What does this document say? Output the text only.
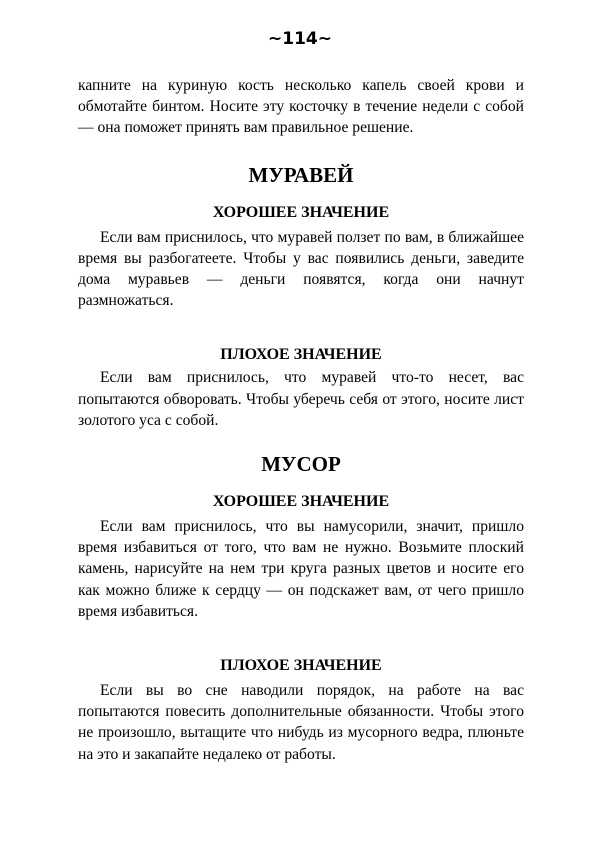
~114~

капните на куриную кость несколько капель своей крови и обмотайте бинтом. Носите эту косточку в течение недели с собой — она поможет принять вам правильное решение.

МУРАВЕЙ
ХОРОШЕЕ ЗНАЧЕНИЕ

Если вам приснилось, что муравей ползет по вам, в ближайшее время вы разбогатеете. Чтобы у вас появились деньги, заведите дома муравьев — деньги появятся, когда они начнут размножаться.

ПЛОХОЕ ЗНАЧЕНИЕ

Если вам приснилось, что муравей что-то несет, вас попытаются обворовать. Чтобы уберечь себя от этого, носите лист золотого уса с собой.

МУСОР
ХОРОШЕЕ ЗНАЧЕНИЕ

Если вам приснилось, что вы намусорили, значит, пришло время избавиться от того, что вам не нужно. Возьмите плоский камень, нарисуйте на нем три круга разных цветов и носите его как можно ближе к сердцу — он подскажет вам, от чего пришло время избавиться.

ПЛОХОЕ ЗНАЧЕНИЕ

Если вы во сне наводили порядок, на работе на вас попытаются повесить дополнительные обязанности. Чтобы этого не произошло, вытащите что нибудь из мусорного ведра, плюньте на это и закапайте недалеко от работы.
